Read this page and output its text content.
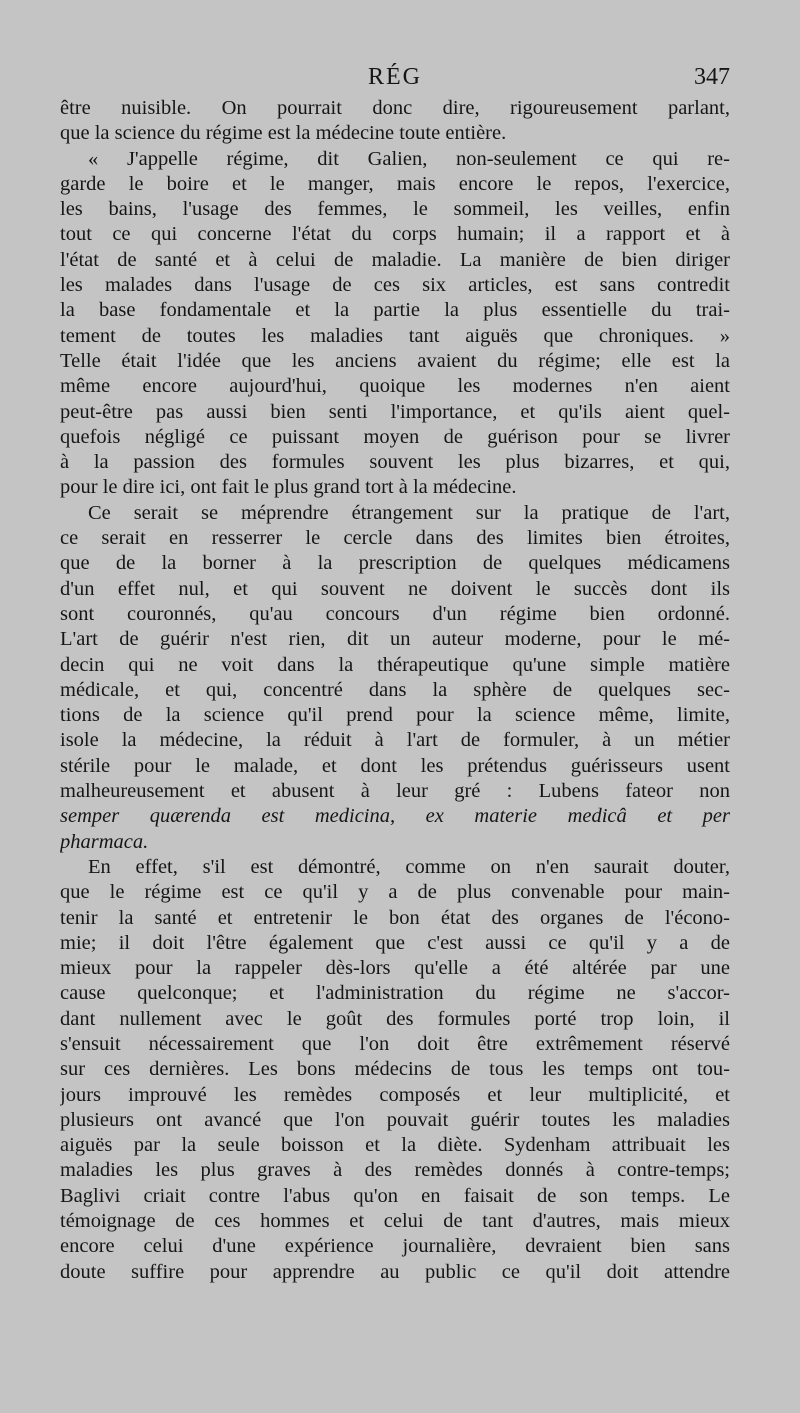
RÉG	347
être nuisible. On pourrait donc dire, rigoureusement parlant,
que la science du régime est la médecine toute entière.
« J'appelle régime, dit Galien, non-seulement ce qui re-
garde le boire et le manger, mais encore le repos, l'exercice,
les bains, l'usage des femmes, le sommeil, les veilles, enfin
tout ce qui concerne l'état du corps humain; il a rapport et à
l'état de santé et à celui de maladie. La manière de bien diriger
les malades dans l'usage de ces six articles, est sans contredit
la base fondamentale et la partie la plus essentielle du trai-
tement de toutes les maladies tant aiguës que chroniques. »
Telle était l'idée que les anciens avaient du régime; elle est la
même encore aujourd'hui, quoique les modernes n'en aient
peut-être pas aussi bien senti l'importance, et qu'ils aient quel-
quefois négligé ce puissant moyen de guérison pour se livrer
à la passion des formules souvent les plus bizarres, et qui,
pour le dire ici, ont fait le plus grand tort à la médecine.
Ce serait se méprendre étrangement sur la pratique de l'art,
ce serait en resserrer le cercle dans des limites bien étroites,
que de la borner à la prescription de quelques médicamens
d'un effet nul, et qui souvent ne doivent le succès dont ils
sont couronnés, qu'au concours d'un régime bien ordonné.
L'art de guérir n'est rien, dit un auteur moderne, pour le mé-
decin qui ne voit dans la thérapeutique qu'une simple matière
médicale, et qui, concentré dans la sphère de quelques sec-
tions de la science qu'il prend pour la science même, limite,
isole la médecine, la réduit à l'art de formuler, à un métier
stérile pour le malade, et dont les prétendus guérisseurs usent
malheureusement et abusent à leur gré : Lubens fateor non
semper quærenda est medicina, ex materie medicâ et per
pharmaca.
En effet, s'il est démontré, comme on n'en saurait douter,
que le régime est ce qu'il y a de plus convenable pour main-
tenir la santé et entretenir le bon état des organes de l'écono-
mie; il doit l'être également que c'est aussi ce qu'il y a de
mieux pour la rappeler dès-lors qu'elle a été altérée par une
cause quelconque; et l'administration du régime ne s'accor-
dant nullement avec le goût des formules porté trop loin, il
s'ensuit nécessairement que l'on doit être extrêmement réservé
sur ces dernières. Les bons médecins de tous les temps ont tou-
jours improuvé les remèdes composés et leur multiplicité, et
plusieurs ont avancé que l'on pouvait guérir toutes les maladies
aiguës par la seule boisson et la diète. Sydenham attribuait les
maladies les plus graves à des remèdes donnés à contre-temps;
Baglivi criait contre l'abus qu'on en faisait de son temps. Le
témoignage de ces hommes et celui de tant d'autres, mais mieux
encore celui d'une expérience journalière, devraient bien sans
doute suffire pour apprendre au public ce qu'il doit attendre
